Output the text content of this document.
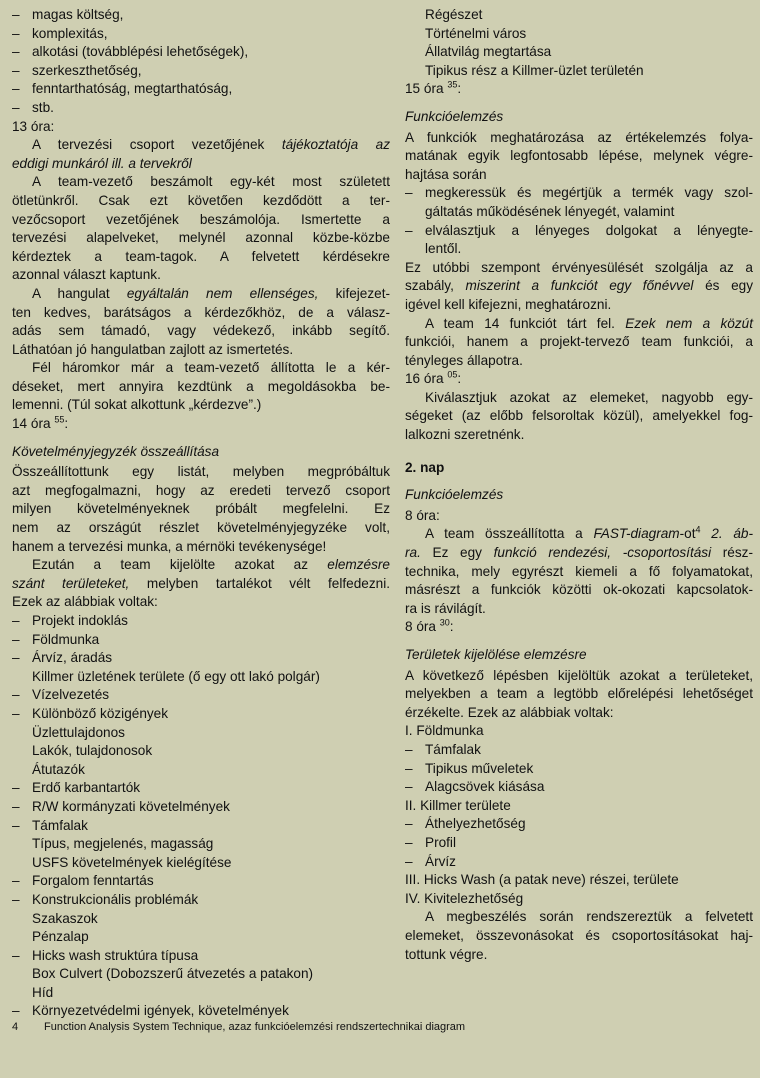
– magas költség,
– komplexitás,
– alkotási (továbblépési lehetőségek),
– szerkeszthetőség,
– fenntarthatóság, megtarthatóság,
– stb.
13 óra:
A tervezési csoport vezetőjének tájékoztatója az
eddigi munkáról ill. a tervekről
A team-vezető beszámolt egy-két most született
ötletünkről. Csak ezt követően kezdődött a ter-
vezőcsoport vezetőjének beszámolója. Ismertette a
tervezési alapelveket, melynél azonnal közbe-közbe
kérdeztek a team-tagok. A felvetett kérdésekre
azonnal választ kaptunk.
A hangulat egyáltalán nem ellenséges, kifejezet-
ten kedves, barátságos a kérdezőkhöz, de a válasz-
adás sem támadó, vagy védekező, inkább segítő.
Láthatóan jó hangulatban zajlott az ismertetés.
Fél háromkor már a team-vezető állította le a kér-
déseket, mert annyira kezdtünk a megoldásokba be-
lemenni. (Túl sokat alkottunk „kérdezve”.)
14 óra $^{55}$:
Követelményjegyzék összeállítása
Összeállítottunk egy listát, melyben megpróbáltuk
azt megfogalmazni, hogy az eredeti tervező csoport
milyen követelményeknek próbált megfelelni. Ez
nem az országút részlet követelményjegyzéke volt,
hanem a tervezési munka, a mérnöki tevékenysége!
Ezután a team kijelölte azokat az elemzésre
szánt területeket, melyben tartalékot vélt felfedezni.
Ezek az alábbiak voltak:
– Projekt indoklás
– Földmunka
– Árvíz, áradás
Killmer üzletének területe (ő egy ott lakó polgár)
– Vízelvezetés
– Különböző közigények
Üzlettulajdonos
Lakók, tulajdonosok
Átutazók
– Erdő karbantartók
– R/W kormányzati követelmények
– Támfalak
Típus, megjelenés, magasság
USFS követelmények kielégítése
– Forgalom fenntartás
– Konstrukcionális problémák
Szakaszok
Pénzalap
– Hicks wash struktúra típusa
Box Culvert (Dobozszerű átvezetés a patakon)
Híd
– Környezetvédelmi igények, követelmények
Régészet
Történelmi város
Állatvilág megtartása
Tipikus rész a Killmer-üzlet területén
15 óra $^{35}$:
Funkcióelemzés
A funkciók meghatározása az értékelemzés folya-
matának egyik legfontosabb lépése, melynek végre-
hajtása során
– megkeressük és megértjük a termék vagy szol-
gáltatás működésének lényegét, valamint
– elválasztjuk a lényeges dolgokat a lényegte-
lentől.
Ez utóbbi szempont érvényesülését szolgálja az a
szabály, miszerint a funkciót egy főnévvel és egy
igével kell kifejezni, meghatározni.
A team 14 funkciót tárt fel. Ezek nem a közút
funkciói, hanem a projekt-tervező team funkciói, a
tényleges állapotra.
16 óra $^{05}$:
Kiválasztjuk azokat az elemeket, nagyobb egy-
ségeket (az előbb felsoroltak közül), amelyekkel fog-
lalkozni szeretnénk.
2. nap
Funkcióelemzés
8 óra:
A team összeállította a FAST-$diagram-ot^4$ 2. áb-
ra. Ez egy funkció rendezési, -csoportosítási rész-
technika, mely egyrészt kiemeli a fő folyamatokat,
másrészt a funkciók közötti ok-okozati kapcsolatok-
ra is rávilágít.
8 óra $^{30}$:
Területek kijelölése elemzésre
A következő lépésben kijelöltük azokat a területeket,
melyekben a team a legtöbb előrelépési lehetőséget
érzékelte. Ezek az alábbiak voltak:
I. Földmunka
– Támfalak
– Tipikus műveletek
– Alagcsövek kiásása
II. Killmer területe
– Áthelyezhetőség
– Profil
– Árvíz
III. Hicks Wash (a patak neve) részei, területe
IV. Kivitelezhetőség
A megbeszélés során rendszereztük a felvetett
elemeket, összevonásokat és csoportosításokat haj-
tottunk végre.
4 Function Analysis System Technique, azaz funkcióelemzési rendszertechnikai diagram
